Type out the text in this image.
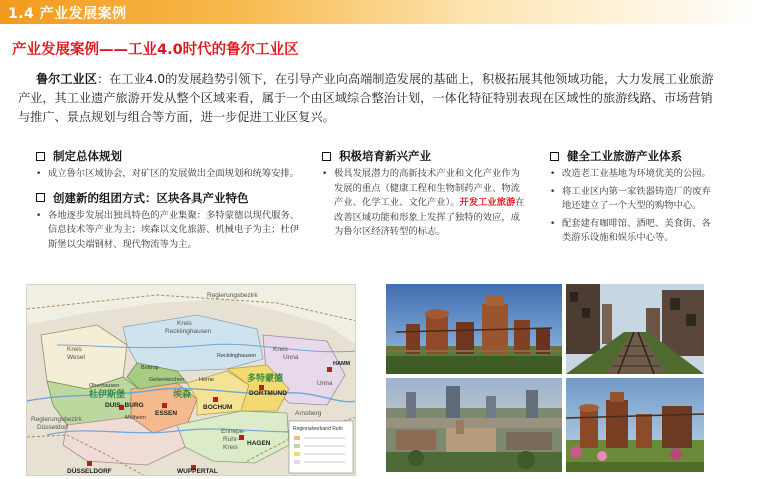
1.4 产业发展案例
产业发展案例——工业4.0时代的鲁尔工业区
鲁尔工业区：在工业4.0的发展趋势引领下，在引导产业向高端制造发展的基础上，积极拓展其他领域功能，大力发展工业旅游产业，其工业遗产旅游开发从整个区域来看，属于一个由区域综合整治计划，一体化特征特别表现在区域性的旅游线路、市场营销与推广、景点规划与组合等方面，进一步促进工业区复兴。
制定总体规划
• 成立鲁尔区域协会，对矿区的发展做出全面规划和统筹安排。
创建新的组团方式：区块各具产业特色
• 各地逐步发展出独具特色的产业集聚：多特蒙德以现代服务、信息技术等产业为主；埃森以文化旅游、机械电子为主；杜伊斯堡以尖端钢材、现代物流等为主。
积极培育新兴产业
• 极具发展潜力的高新技术产业和文化产业作为发展的重点（健康工程和生物制药产业、物流产业、化学工业、文化产业）。开发工业旅游在改善区域功能和形象上发挥了独特的效应，成为鲁尔区经济转型的标志。
健全工业旅游产业体系
• 改造老工业基地为环境优美的公园。
• 将工业区内第一家铁器铸造厂的废弃地还建立了一个大型的购物中心。
• 配套建有咖啡馆、酒吧、美食街、各类游乐设施和娱乐中心等。
Regierungsbezirk
Regierungsbezirk
Düsseldorf
Arnsberg
Kreis
Wesel
Kreis
Recklinghausen
Recklinghausen
Kreis
Unna
Unna
Bottrop
Gelsenkirchen	Herne
Oberhausen
Mülheim
DUIS- BURG
ESSEN
BOCHUM
DORTMUND
HAGEN
Ennepe-
Ruhr-
Kreis
DÜSSELDORF	WUPPERTAL
HAMM
Regionalverband Ruhr
杜伊斯堡	埃森
多特蒙德
